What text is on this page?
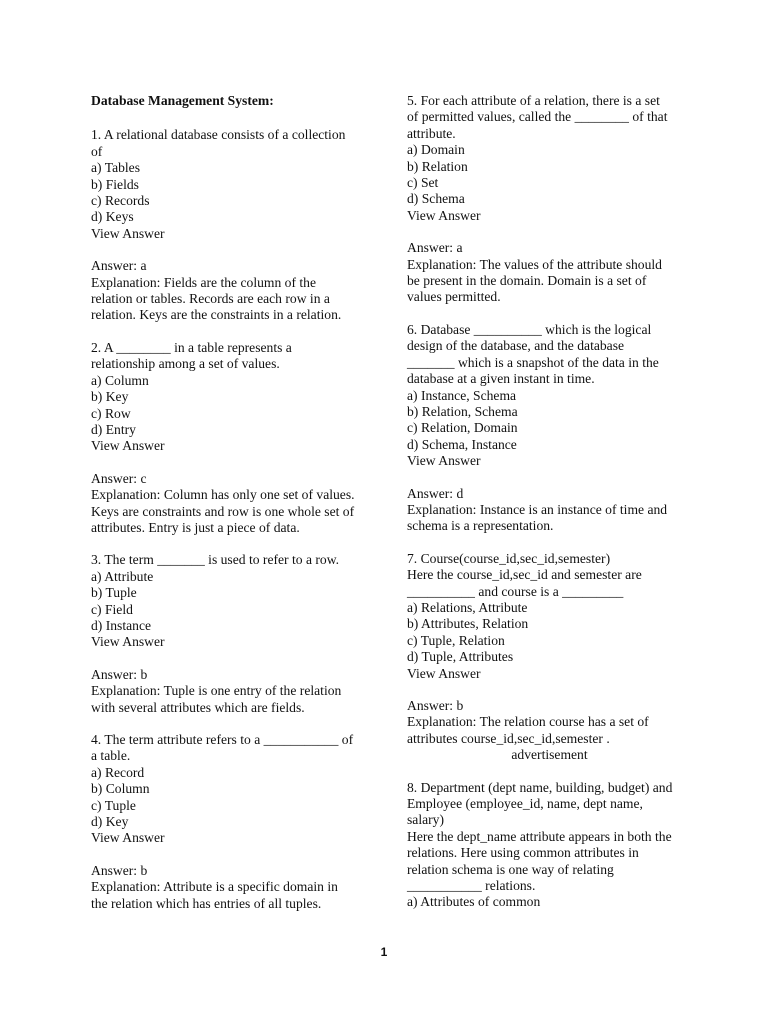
Database Management System:
1. A relational database consists of a collection
of
a) Tables
b) Fields
c) Records
d) Keys
View Answer
Answer: a
Explanation: Fields are the column of the
relation or tables. Records are each row in a
relation. Keys are the constraints in a relation.
2. A ________ in a table represents a
relationship among a set of values.
a) Column
b) Key
c) Row
d) Entry
View Answer
Answer: c
Explanation: Column has only one set of values.
Keys are constraints and row is one whole set of
attributes. Entry is just a piece of data.
3. The term _______ is used to refer to a row.
a) Attribute
b) Tuple
c) Field
d) Instance
View Answer
Answer: b
Explanation: Tuple is one entry of the relation
with several attributes which are fields.
4. The term attribute refers to a ___________ of
a table.
a) Record
b) Column
c) Tuple
d) Key
View Answer
Answer: b
Explanation: Attribute is a specific domain in
the relation which has entries of all tuples.
5. For each attribute of a relation, there is a set
of permitted values, called the ________ of that
attribute.
a) Domain
b) Relation
c) Set
d) Schema
View Answer
Answer: a
Explanation: The values of the attribute should
be present in the domain. Domain is a set of
values permitted.
6. Database __________ which is the logical
design of the database, and the database
_______ which is a snapshot of the data in the
database at a given instant in time.
a) Instance, Schema
b) Relation, Schema
c) Relation, Domain
d) Schema, Instance
View Answer
Answer: d
Explanation: Instance is an instance of time and
schema is a representation.
7. Course(course_id,sec_id,semester)
Here the course_id,sec_id and semester are
__________ and course is a _________
a) Relations, Attribute
b) Attributes, Relation
c) Tuple, Relation
d) Tuple, Attributes
View Answer
Answer: b
Explanation: The relation course has a set of
attributes course_id,sec_id,semester .
advertisement
8. Department (dept name, building, budget) and
Employee (employee_id, name, dept name,
salary)
Here the dept_name attribute appears in both the
relations. Here using common attributes in
relation schema is one way of relating
___________ relations.
a) Attributes of common
1
